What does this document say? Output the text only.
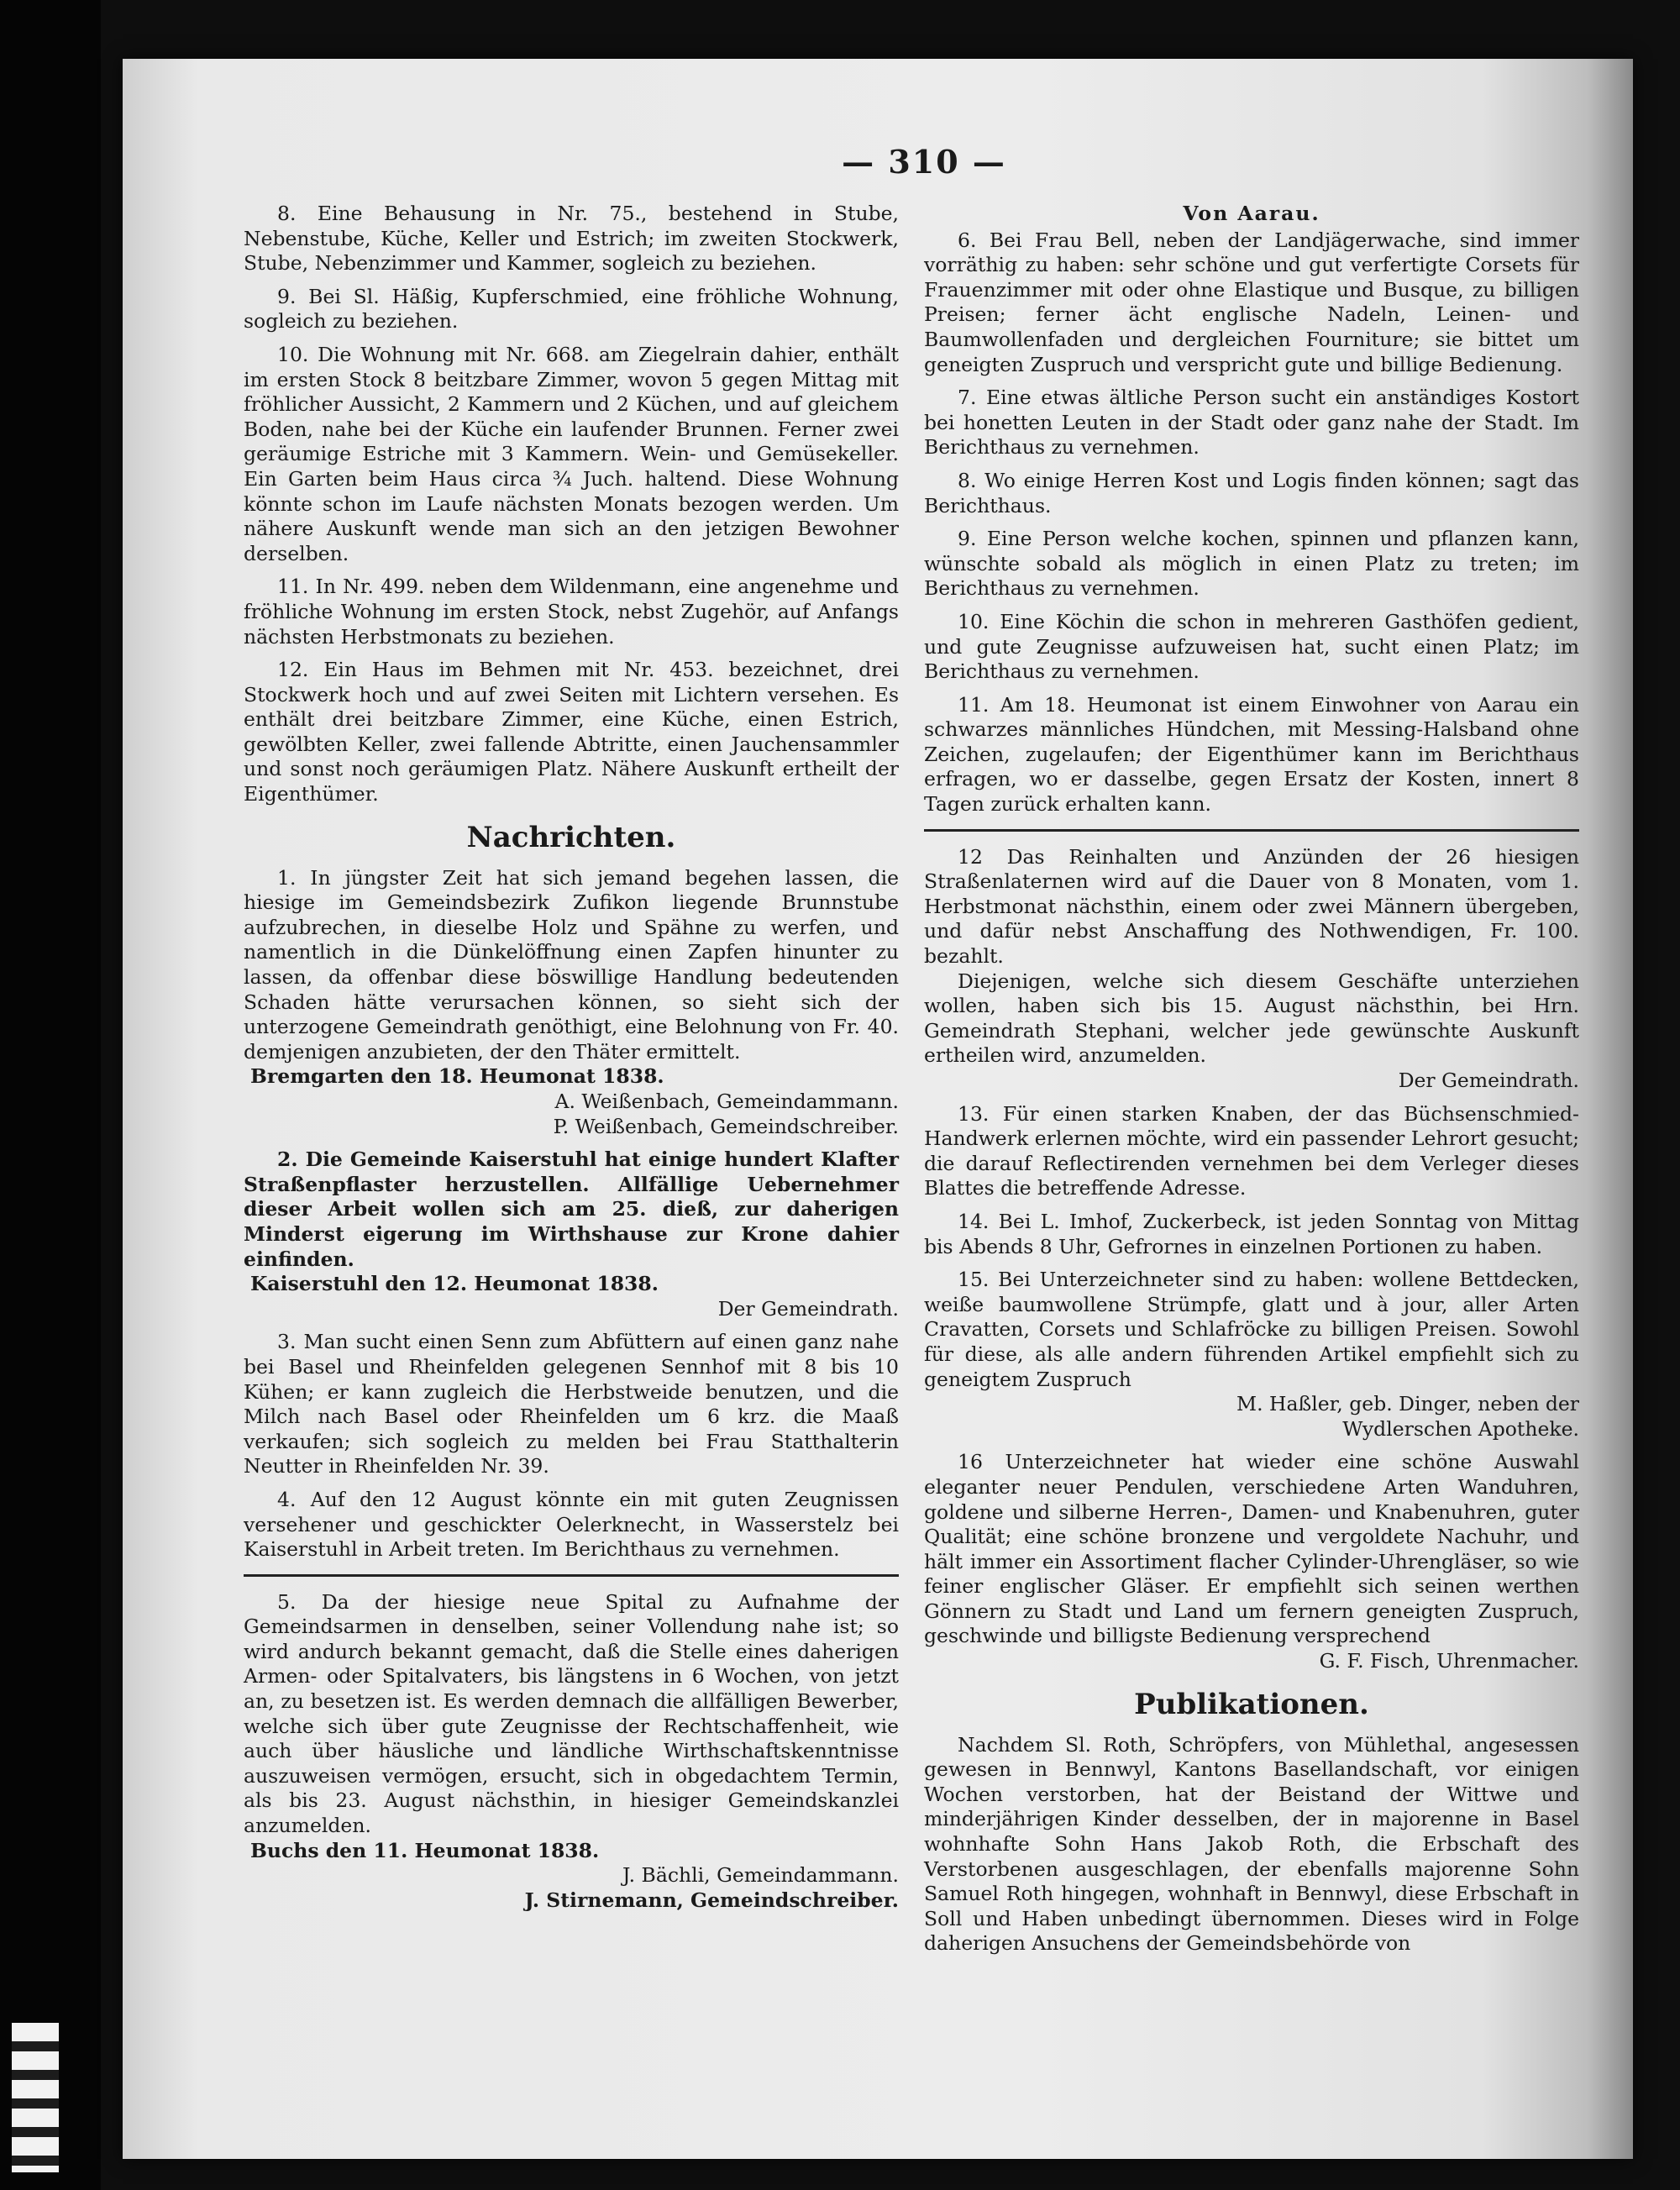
— 310 —

8. Eine Behausung in Nr. 75., bestehend in Stube, Nebenstube, Küche, Keller und Estrich; im zweiten Stockwerk, Stube, Nebenzimmer und Kammer, sogleich zu beziehen.

9. Bei Sl. Häßig, Kupferschmied, eine fröhliche Wohnung, sogleich zu beziehen.

10. Die Wohnung mit Nr. 668. am Ziegelrain dahier, enthält im ersten Stock 8 beitzbare Zimmer, wovon 5 gegen Mittag mit fröhlicher Aussicht, 2 Kammern und 2 Küchen, und auf gleichem Boden, nahe bei der Küche ein laufender Brunnen. Ferner zwei geräumige Estriche mit 3 Kammern. Wein- und Gemüsekeller. Ein Garten beim Haus circa ¾ Juch. haltend. Diese Wohnung könnte schon im Laufe nächsten Monats bezogen werden. Um nähere Auskunft wende man sich an den jetzigen Bewohner derselben.

11. In Nr. 499. neben dem Wildenmann, eine angenehme und fröhliche Wohnung im ersten Stock, nebst Zugehör, auf Anfangs nächsten Herbstmonats zu beziehen.

12. Ein Haus im Behmen mit Nr. 453. bezeichnet, drei Stockwerk hoch und auf zwei Seiten mit Lichtern versehen. Es enthält drei beitzbare Zimmer, eine Küche, einen Estrich, gewölbten Keller, zwei fallende Abtritte, einen Jauchensammler und sonst noch geräumigen Platz. Nähere Auskunft ertheilt der Eigenthümer.

Nachrichten.

1. In jüngster Zeit hat sich jemand begehen lassen, die hiesige im Gemeindsbezirk Zufikon liegende Brunnstube aufzubrechen, in dieselbe Holz und Spähne zu werfen, und namentlich in die Dünkelöffnung einen Zapfen hinunter zu lassen, da offenbar diese böswillige Handlung bedeutenden Schaden hätte verursachen können, so sieht sich der unterzogene Gemeindrath genöthigt, eine Belohnung von Fr. 40. demjenigen anzubieten, der den Thäter ermittelt.

Bremgarten den 18. Heumonat 1838.

A. Weißenbach, Gemeindammann.

P. Weißenbach, Gemeindschreiber.

2. Die Gemeinde Kaiserstuhl hat einige hundert Klafter Straßenpflaster herzustellen. Allfällige Uebernehmer dieser Arbeit wollen sich am 25. dieß, zur daherigen Minderst eigerung im Wirthshause zur Krone dahier einfinden.

Kaiserstuhl den 12. Heumonat 1838.

Der Gemeindrath.

3. Man sucht einen Senn zum Abfüttern auf einen ganz nahe bei Basel und Rheinfelden gelegenen Sennhof mit 8 bis 10 Kühen; er kann zugleich die Herbstweide benutzen, und die Milch nach Basel oder Rheinfelden um 6 krz. die Maaß verkaufen; sich sogleich zu melden bei Frau Statthalterin Neutter in Rheinfelden Nr. 39.

4. Auf den 12 August könnte ein mit guten Zeugnissen versehener und geschickter Oelerknecht, in Wasserstelz bei Kaiserstuhl in Arbeit treten. Im Berichthaus zu vernehmen.

5. Da der hiesige neue Spital zu Aufnahme der Gemeindsarmen in denselben, seiner Vollendung nahe ist; so wird andurch bekannt gemacht, daß die Stelle eines daherigen Armen- oder Spitalvaters, bis längstens in 6 Wochen, von jetzt an, zu besetzen ist. Es werden demnach die allfälligen Bewerber, welche sich über gute Zeugnisse der Rechtschaffenheit, wie auch über häusliche und ländliche Wirthschaftskenntnisse auszuweisen vermögen, ersucht, sich in obgedachtem Termin, als bis 23. August nächsthin, in hiesiger Gemeindskanzlei anzumelden.

Buchs den 11. Heumonat 1838.

J. Bächli, Gemeindammann.

J. Stirnemann, Gemeindschreiber.

Von Aarau.

6. Bei Frau Bell, neben der Landjägerwache, sind immer vorräthig zu haben: sehr schöne und gut verfertigte Corsets für Frauenzimmer mit oder ohne Elastique und Busque, zu billigen Preisen; ferner ächt englische Nadeln, Leinen- und Baumwollenfaden und dergleichen Fourniture; sie bittet um geneigten Zuspruch und verspricht gute und billige Bedienung.

7. Eine etwas ältliche Person sucht ein anständiges Kostort bei honetten Leuten in der Stadt oder ganz nahe der Stadt. Im Berichthaus zu vernehmen.

8. Wo einige Herren Kost und Logis finden können; sagt das Berichthaus.

9. Eine Person welche kochen, spinnen und pflanzen kann, wünschte sobald als möglich in einen Platz zu treten; im Berichthaus zu vernehmen.

10. Eine Köchin die schon in mehreren Gasthöfen gedient, und gute Zeugnisse aufzuweisen hat, sucht einen Platz; im Berichthaus zu vernehmen.

11. Am 18. Heumonat ist einem Einwohner von Aarau ein schwarzes männliches Hündchen, mit Messing-Halsband ohne Zeichen, zugelaufen; der Eigenthümer kann im Berichthaus erfragen, wo er dasselbe, gegen Ersatz der Kosten, innert 8 Tagen zurück erhalten kann.

12 Das Reinhalten und Anzünden der 26 hiesigen Straßenlaternen wird auf die Dauer von 8 Monaten, vom 1. Herbstmonat nächsthin, einem oder zwei Männern übergeben, und dafür nebst Anschaffung des Nothwendigen, Fr. 100. bezahlt.

Diejenigen, welche sich diesem Geschäfte unterziehen wollen, haben sich bis 15. August nächsthin, bei Hrn. Gemeindrath Stephani, welcher jede gewünschte Auskunft ertheilen wird, anzumelden.

Der Gemeindrath.

13. Für einen starken Knaben, der das Büchsenschmied-Handwerk erlernen möchte, wird ein passender Lehrort gesucht; die darauf Reflectirenden vernehmen bei dem Verleger dieses Blattes die betreffende Adresse.

14. Bei L. Imhof, Zuckerbeck, ist jeden Sonntag von Mittag bis Abends 8 Uhr, Gefrornes in einzelnen Portionen zu haben.

15. Bei Unterzeichneter sind zu haben: wollene Bettdecken, weiße baumwollene Strümpfe, glatt und à jour, aller Arten Cravatten, Corsets und Schlafröcke zu billigen Preisen. Sowohl für diese, als alle andern führenden Artikel empfiehlt sich zu geneigtem Zuspruch

M. Haßler, geb. Dinger, neben der

Wydlerschen Apotheke.

16 Unterzeichneter hat wieder eine schöne Auswahl eleganter neuer Pendulen, verschiedene Arten Wanduhren, goldene und silberne Herren-, Damen- und Knabenuhren, guter Qualität; eine schöne bronzene und vergoldete Nachuhr, und hält immer ein Assortiment flacher Cylinder-Uhrengläser, so wie feiner englischer Gläser. Er empfiehlt sich seinen werthen Gönnern zu Stadt und Land um fernern geneigten Zuspruch, geschwinde und billigste Bedienung versprechend

G. F. Fisch, Uhrenmacher.

Publikationen.

Nachdem Sl. Roth, Schröpfers, von Mühlethal, angesessen gewesen in Bennwyl, Kantons Basellandschaft, vor einigen Wochen verstorben, hat der Beistand der Wittwe und minderjährigen Kinder desselben, der in majorenne in Basel wohnhafte Sohn Hans Jakob Roth, die Erbschaft des Verstorbenen ausgeschlagen, der ebenfalls majorenne Sohn Samuel Roth hingegen, wohnhaft in Bennwyl, diese Erbschaft in Soll und Haben unbedingt übernommen. Dieses wird in Folge daherigen Ansuchens der Gemeindsbehörde von
